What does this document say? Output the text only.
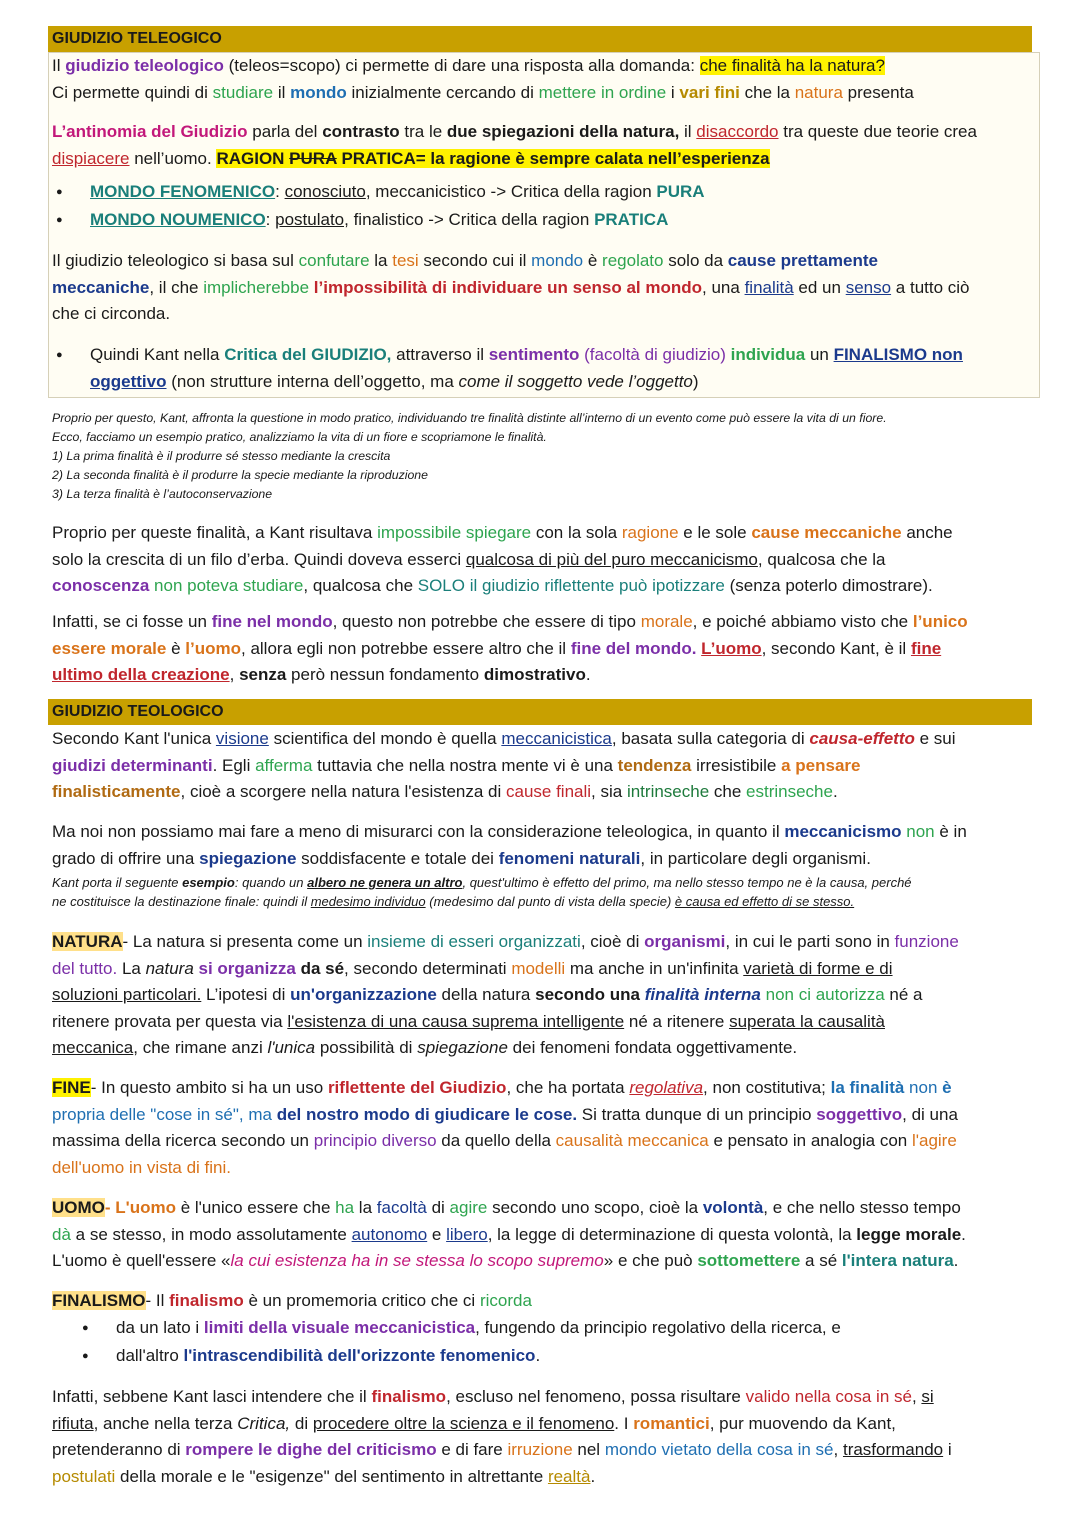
GIUDIZIO TELEOGICO

Il giudizio teleologico (teleos=scopo) ci permette di dare una risposta alla domanda: che finalità ha la natura?

Ci permette quindi di studiare il mondo inizialmente cercando di mettere in ordine i vari fini che la natura presenta

L’antinomia del Giudizio parla del contrasto tra le due spiegazioni della natura, il disaccordo tra queste due teorie crea

dispiacere nell’uomo. RAGION PURA PRATICA= la ragione è sempre calata nell’esperienza

● MONDO FENOMENICO: conosciuto, meccanicistico -> Critica della ragion PURA
● MONDO NOUMENICO: postulato, finalistico -> Critica della ragion PRATICA

Il giudizio teleologico si basa sul confutare la tesi secondo cui il mondo è regolato solo da cause prettamente

meccaniche, il che implicherebbe l’impossibilità di individuare un senso al mondo, una finalità ed un senso a tutto ciò

che ci circonda.

● Quindi Kant nella Critica del GIUDIZIO, attraverso il sentimento (facoltà di giudizio) individua un FINALISMO non
oggettivo (non strutture interna dell’oggetto, ma come il soggetto vede l’oggetto)

Proprio per questo, Kant, affronta la questione in modo pratico, individuando tre finalità distinte all’interno di un evento come può essere la vita di un fiore.

Ecco, facciamo un esempio pratico, analizziamo la vita di un fiore e scopriamone le finalità.

1) La prima finalità è il produrre sé stesso mediante la crescita

2) La seconda finalità è il produrre la specie mediante la riproduzione

3) La terza finalità è l’autoconservazione

Proprio per queste finalità, a Kant risultava impossibile spiegare con la sola ragione e le sole cause meccaniche anche

solo la crescita di un filo d’erba. Quindi doveva esserci qualcosa di più del puro meccanicismo, qualcosa che la

conoscenza non poteva studiare, qualcosa che SOLO il giudizio riflettente può ipotizzare (senza poterlo dimostrare).

Infatti, se ci fosse un fine nel mondo, questo non potrebbe che essere di tipo morale, e poiché abbiamo visto che l’unico

essere morale è l’uomo, allora egli non potrebbe essere altro che il fine del mondo. L’uomo, secondo Kant, è il fine

ultimo della creazione, senza però nessun fondamento dimostrativo.

GIUDIZIO TEOLOGICO

Secondo Kant l'unica visione scientifica del mondo è quella meccanicistica, basata sulla categoria di causa-effetto e sui

giudizi determinanti. Egli afferma tuttavia che nella nostra mente vi è una tendenza irresistibile a pensare

finalisticamente, cioè a scorgere nella natura l'esistenza di cause finali, sia intrinseche che estrinseche.

Ma noi non possiamo mai fare a meno di misurarci con la considerazione teleologica, in quanto il meccanicismo non è in

grado di offrire una spiegazione soddisfacente e totale dei fenomeni naturali, in particolare degli organismi.

Kant porta il seguente esempio: quando un albero ne genera un altro, quest'ultimo è effetto del primo, ma nello stesso tempo ne è la causa, perché

ne costituisce la destinazione finale: quindi il medesimo individuo (medesimo dal punto di vista della specie) è causa ed effetto di se stesso.

NATURA- La natura si presenta come un insieme di esseri organizzati, cioè di organismi, in cui le parti sono in funzione

del tutto. La natura si organizza da sé, secondo determinati modelli ma anche in un'infinita varietà di forme e di

soluzioni particolari. L’ipotesi di un'organizzazione della natura secondo una finalità interna non ci autorizza né a

ritenere provata per questa via l'esistenza di una causa suprema intelligente né a ritenere superata la causalità

meccanica, che rimane anzi l'unica possibilità di spiegazione dei fenomeni fondata oggettivamente.

FINE- In questo ambito si ha un uso riflettente del Giudizio, che ha portata regolativa, non costitutiva; la finalità non è

propria delle "cose in sé", ma del nostro modo di giudicare le cose. Si tratta dunque di un principio soggettivo, di una

massima della ricerca secondo un principio diverso da quello della causalità meccanica e pensato in analogia con l'agire

dell'uomo in vista di fini.

UOMO- L'uomo è l'unico essere che ha la facoltà di agire secondo uno scopo, cioè la volontà, e che nello stesso tempo

dà a se stesso, in modo assolutamente autonomo e libero, la legge di determinazione di questa volontà, la legge morale.

L'uomo è quell'essere «la cui esistenza ha in se stessa lo scopo supremo» e che può sottomettere a sé l'intera natura.

FINALISMO- Il finalismo è un promemoria critico che ci ricorda

● da un lato i limiti della visuale meccanicistica, fungendo da principio regolativo della ricerca, e
● dall'altro l'intrascendibilità dell'orizzonte fenomenico.

Infatti, sebbene Kant lasci intendere che il finalismo, escluso nel fenomeno, possa risultare valido nella cosa in sé, si

rifiuta, anche nella terza Critica, di procedere oltre la scienza e il fenomeno. I romantici, pur muovendo da Kant,

pretenderanno di rompere le dighe del criticismo e di fare irruzione nel mondo vietato della cosa in sé, trasformando i

postulati della morale e le "esigenze" del sentimento in altrettante realtà.
